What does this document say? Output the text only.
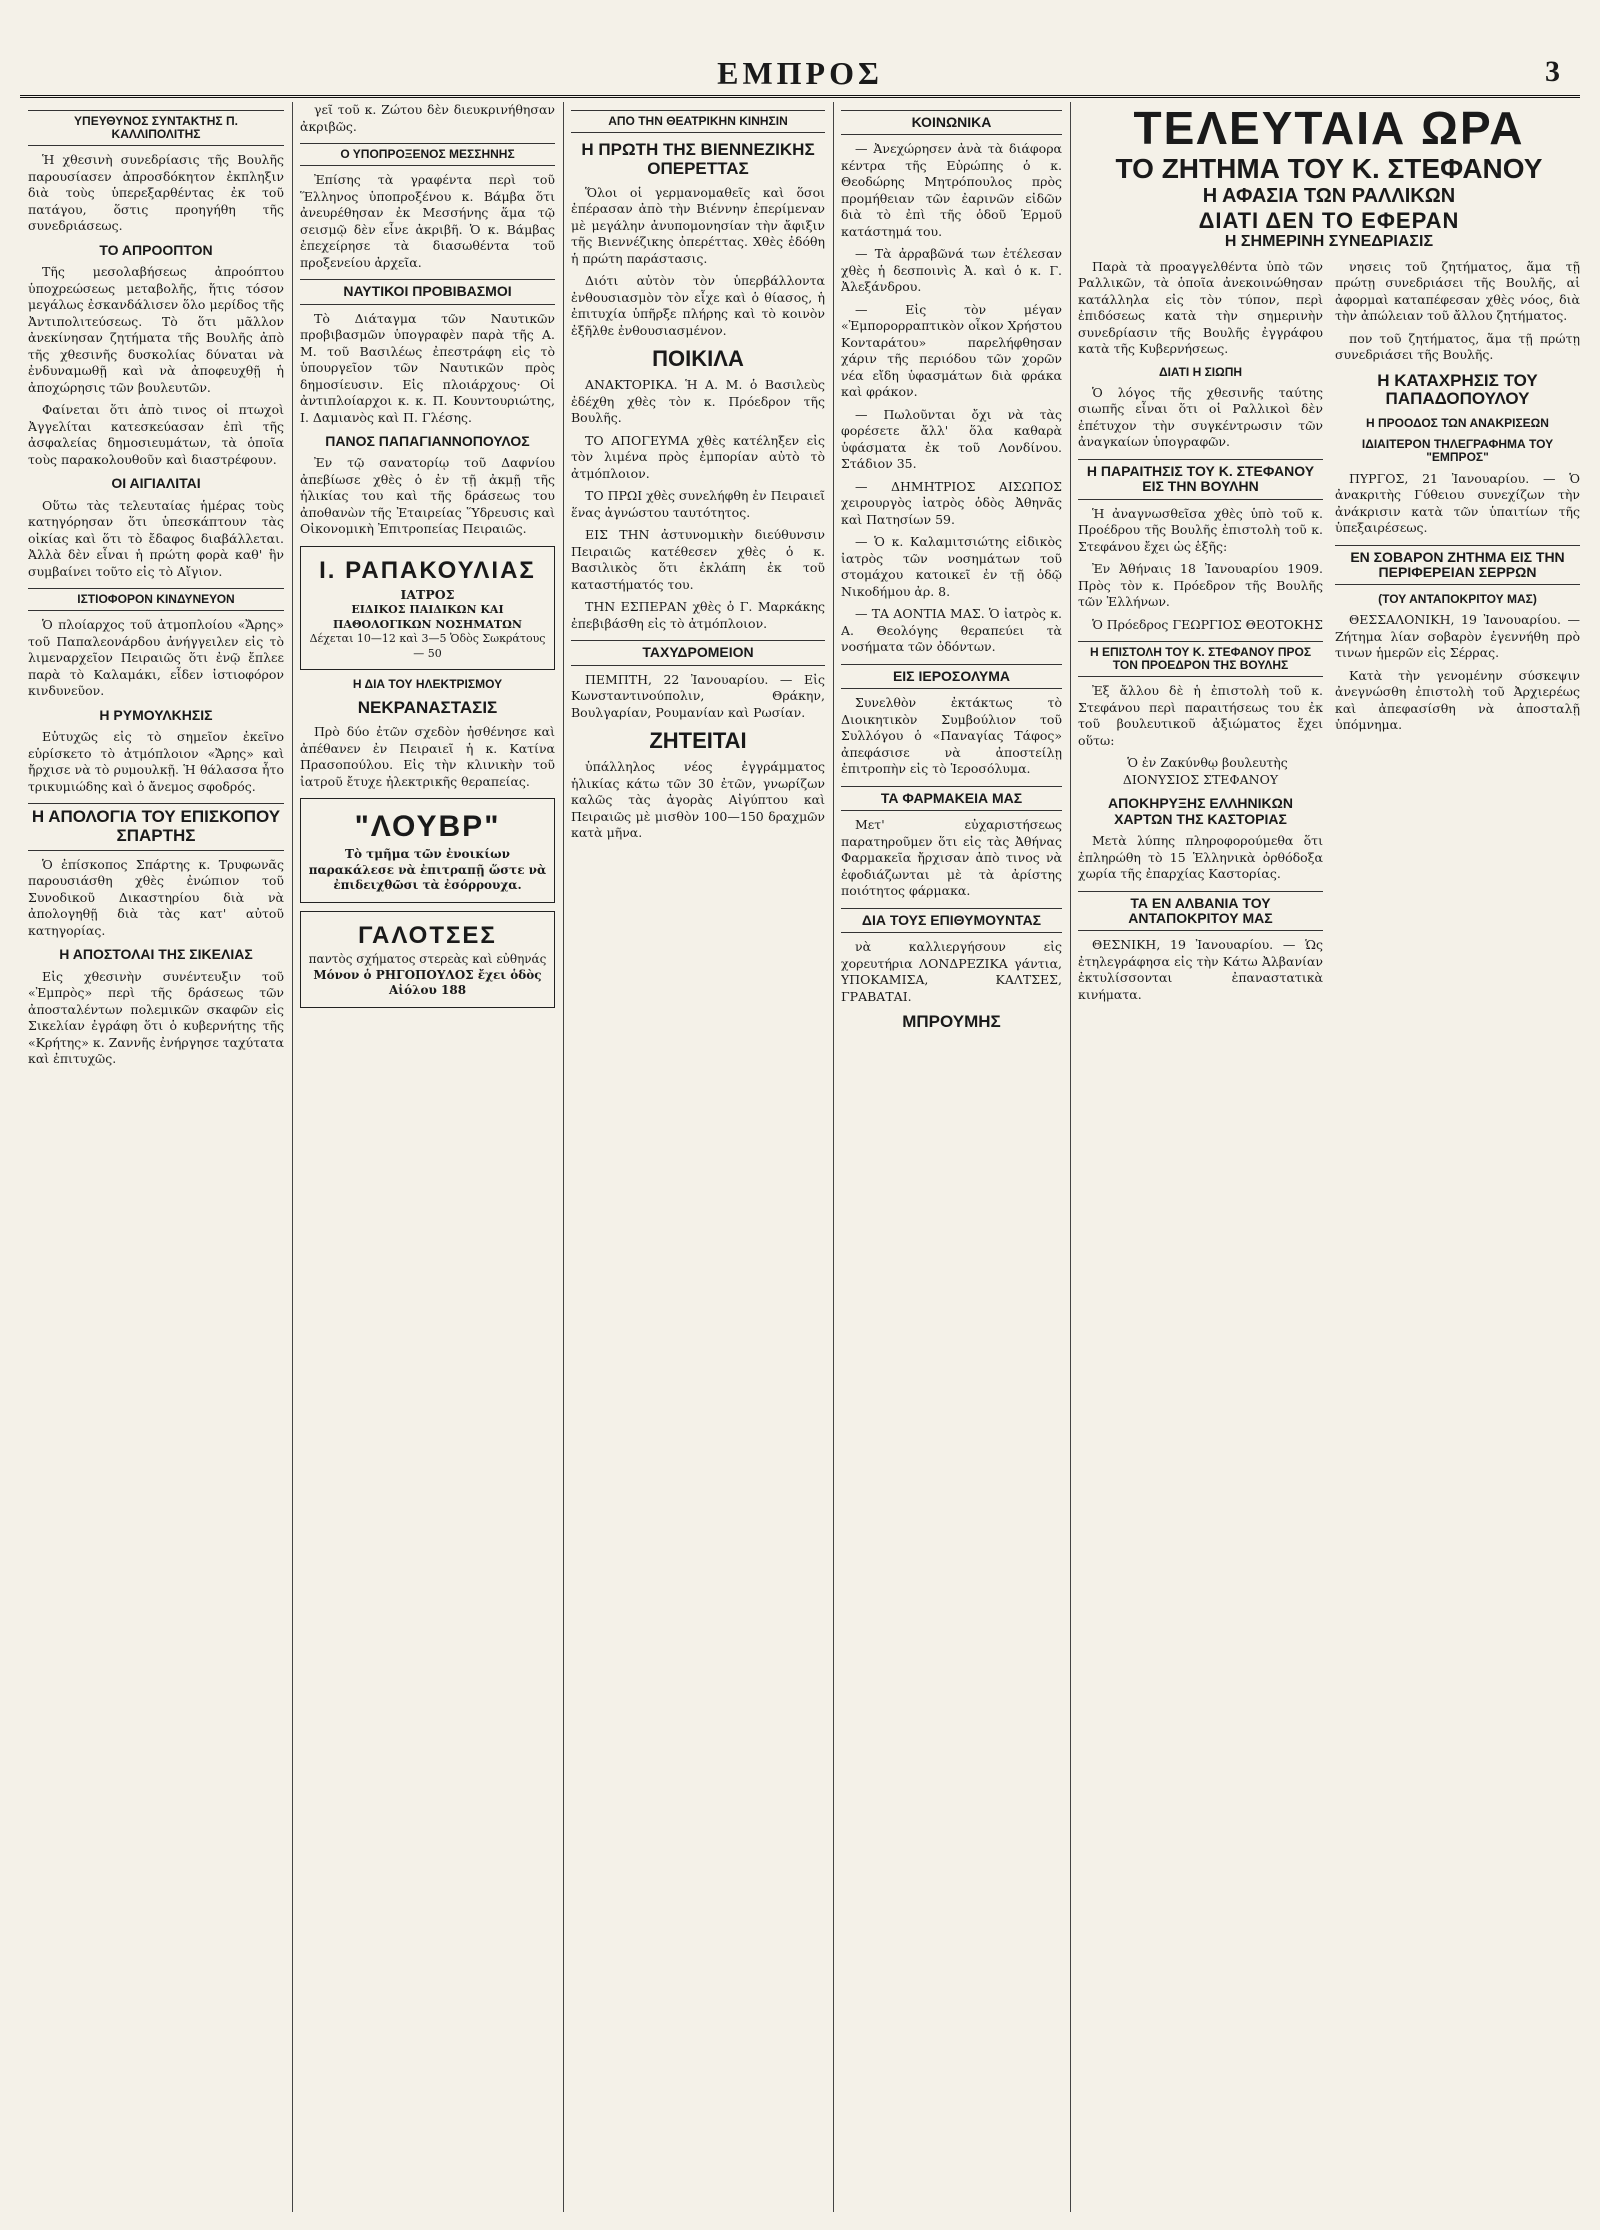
ΕΜΠΡΟΣ	3
ΥΠΕΥΘΥΝΟΣ ΣΥΝΤΑΚΤΗΣ Π. ΚΑΛΛΙΠΟΛΙΤΗΣ

Ἡ χθεσινὴ συνεδρίασις τῆς Βουλῆς παρουσίασεν ἀπροσδόκητον ἐκπληξιν διὰ τοὺς ὑπερεξαρθέντας ἐκ τοῦ πατάγου, ὅστις προηγήθη τῆς συνεδριάσεως.

ΤΟ ΑΠΡΟΟΠΤΟΝ

Τῆς μεσολαβήσεως ἀπροόπτου ὑποχρεώσεως μεταβολῆς, ἥτις τόσον μεγάλως ἐσκανδάλισεν ὅλο μερίδος τῆς Ἀντιπολιτεύσεως. Τὸ ὅτι μᾶλλον ἀνεκίνησαν ζητήματα τῆς Βουλῆς ἀπὸ τῆς χθεσινῆς δυσκολίας δύναται νὰ ἐνδυναμωθῇ καὶ νὰ ἀποφευχθῇ ἡ ἀποχώρησις τῶν βουλευτῶν.

Φαίνεται ὅτι ἀπὸ τινος οἱ πτωχοὶ Ἀγγελίται κατεσκεύασαν ἐπὶ τῆς ἀσφαλείας δημοσιευμάτων, τὰ ὁποῖα τοὺς παρακολουθοῦν καὶ διαστρέφουν.

ΟΙ ΑΙΓΙΑΛΙΤΑΙ

Οὕτω τὰς τελευταίας ἡμέρας τοὺς κατηγόρησαν ὅτι ὑπεσκάπτουν τὰς οἰκίας καὶ ὅτι τὸ ἔδαφος διαβάλλεται. Ἀλλὰ δὲν εἶναι ἡ πρώτη φορὰ καθ' ἣν συμβαίνει τοῦτο εἰς τὸ Αἴγιον.

ΙΣΤΙΟΦΟΡΟΝ ΚΙΝΔΥΝΕΥΟΝ

Ὁ πλοίαρχος τοῦ ἀτμοπλοίου «Ἄρης» τοῦ Παπαλεονάρδου ἀνήγγειλεν εἰς τὸ λιμεναρχεῖον Πειραιῶς ὅτι ἐνῷ ἔπλεε παρὰ τὸ Καλαμάκι, εἶδεν ἰστιοφόρον κινδυνεῦον.

Η ΡΥΜΟΥΛΚΗΣΙΣ

Εὐτυχῶς εἰς τὸ σημεῖον ἐκεῖνο εὑρίσκετο τὸ ἀτμόπλοιον «Ἄρης» καὶ ἤρχισε νὰ τὸ ρυμουλκῇ. Ἡ θάλασσα ἦτο τρικυμιώδης καὶ ὁ ἄνεμος σφοδρός.

Η ΑΠΟΛΟΓΙΑ ΤΟΥ ΕΠΙΣΚΟΠΟΥ ΣΠΑΡΤΗΣ

Ὁ ἐπίσκοπος Σπάρτης κ. Τρυφωνᾶς παρουσιάσθη χθὲς ἐνώπιον τοῦ Συνοδικοῦ Δικαστηρίου διὰ νὰ ἀπολογηθῇ διὰ τὰς κατ' αὐτοῦ κατηγορίας.

Η ΑΠΟΣΤΟΛΑΙ ΤΗΣ ΣΙΚΕΛΙΑΣ

Εἰς χθεσινὴν συνέντευξιν τοῦ «Ἐμπρὸς» περὶ τῆς δράσεως τῶν ἀποσταλέντων πολεμικῶν σκαφῶν εἰς Σικελίαν ἐγράφη ὅτι ὁ κυβερνήτης τῆς «Κρήτης» κ. Ζαννῆς ἐνήργησε ταχύτατα καὶ ἐπιτυχῶς.

γεῖ τοῦ κ. Ζώτου δὲν διευκρινήθησαν ἀκριβῶς.

Ο ΥΠΟΠΡΟΞΕΝΟΣ ΜΕΣΣΗΝΗΣ

Ἐπίσης τὰ γραφέντα περὶ τοῦ Ἕλληνος ὑποπροξένου κ. Βάμβα ὅτι ἀνευρέθησαν ἐκ Μεσσήνης ἅμα τῷ σεισμῷ δὲν εἶνε ἀκριβῆ. Ὁ κ. Βάμβας ἐπεχείρησε τὰ διασωθέντα τοῦ προξενείου ἀρχεῖα.

ΝΑΥΤΙΚΟΙ ΠΡΟΒΙΒΑΣΜΟΙ

Τὸ Διάταγμα τῶν Ναυτικῶν προβιβασμῶν ὑπογραφὲν παρὰ τῆς Α. Μ. τοῦ Βασιλέως ἐπεστράφη εἰς τὸ ὑπουργεῖον τῶν Ναυτικῶν πρὸς δημοσίευσιν. Εἰς πλοιάρχους· Οἱ ἀντιπλοίαρχοι κ. κ. Π. Κουντουριώτης, Ι. Δαμιανὸς καὶ Π. Γλέσης.

ΠΑΝΟΣ ΠΑΠΑΓΙΑΝΝΟΠΟΥΛΟΣ

Ἐν τῷ σανατορίῳ τοῦ Δαφνίου ἀπεβίωσε χθὲς ὁ ἐν τῇ ἀκμῇ τῆς ἡλικίας του καὶ τῆς δράσεως του ἀποθανὼν τῆς Ἐταιρείας Ὕδρευσις καὶ Οἰκονομικὴ Ἐπιτροπείας Πειραιῶς.

Ι. ΡΑΠΑΚΟΥΛΙΑΣ
ΙΑΤΡΟΣ
ΕΙΔΙΚΟΣ ΠΑΙΔΙΚΩΝ ΚΑΙ ΠΑΘΟΛΟΓΙΚΩΝ ΝΟΣΗΜΑΤΩΝ
Δέχεται 10—12 καὶ 3—5 Ὁδὸς Σωκράτους — 50
Η ΔΙΑ ΤΟΥ ΗΛΕΚΤΡΙΣΜΟΥ
ΝΕΚΡΑΝΑΣΤΑΣΙΣ

Πρὸ δύο ἐτῶν σχεδὸν ἠσθένησε καὶ ἀπέθανεν ἐν Πειραιεῖ ἡ κ. Κατίνα Πρασοπούλου. Εἰς τὴν κλινικὴν τοῦ ἰατροῦ ἔτυχε ἠλεκτρικῆς θεραπείας.

"ΛΟΥΒΡ"
Τὸ τμῆμα τῶν ἐνοικίων παρακάλεσε νὰ ἐπιτραπῇ ὥστε νὰ ἐπιδειχθῶσι τὰ ἐσόρρουχα.
ΓΑΛΟΤΣΕΣ
παντὸς σχήματος στερεὰς καὶ εὐθηνάς
Μόνον ὁ ΡΗΓΟΠΟΥΛΟΣ ἔχει ὁδὸς Αἰόλου 188
ΑΠΟ ΤΗΝ ΘΕΑΤΡΙΚΗΝ ΚΙΝΗΣΙΝ
Η ΠΡΩΤΗ ΤΗΣ ΒΙΕΝΝΕΖΙΚΗΣ ΟΠΕΡΕΤΤΑΣ

Ὅλοι οἱ γερμανομαθεῖς καὶ ὅσοι ἐπέρασαν ἀπὸ τὴν Βιέννην ἐπερίμεναν μὲ μεγάλην ἀνυπομονησίαν τὴν ἄφιξιν τῆς Βιεννέζικης ὀπερέττας. Χθὲς ἐδόθη ἡ πρώτη παράστασις.

Διότι αὐτὸν τὸν ὑπερβάλλοντα ἐνθουσιασμὸν τὸν εἶχε καὶ ὁ θίασος, ἡ ἐπιτυχία ὑπῆρξε πλήρης καὶ τὸ κοινὸν ἐξῆλθε ἐνθουσιασμένον.

ΠΟΙΚΙΛΑ

ΑΝΑΚΤΟΡΙΚΑ. Ἡ Α. Μ. ὁ Βασιλεὺς ἐδέχθη χθὲς τὸν κ. Πρόεδρον τῆς Βουλῆς.

ΤΟ ΑΠΟΓΕΥΜΑ χθὲς κατέληξεν εἰς τὸν λιμένα πρὸς ἐμπορίαν αὐτὸ τὸ ἀτμόπλοιον.

ΤΟ ΠΡΩΙ χθὲς συνελήφθη ἐν Πειραιεῖ ἕνας ἀγνώστου ταυτότητος.

ΕΙΣ ΤΗΝ ἀστυνομικὴν διεύθυνσιν Πειραιῶς κατέθεσεν χθὲς ὁ κ. Βασιλικὸς ὅτι ἐκλάπη ἐκ τοῦ καταστήματός του.

ΤΗΝ ΕΣΠΕΡΑΝ χθὲς ὁ Γ. Μαρκάκης ἐπεβιβάσθη εἰς τὸ ἀτμόπλοιον.

ΤΑΧΥΔΡΟΜΕΙΟΝ

ΠΕΜΠΤΗ, 22 Ἰανουαρίου. — Εἰς Κωνσταντινούπολιν, Θράκην, Βουλγαρίαν, Ρουμανίαν καὶ Ρωσίαν.

ΖΗΤΕΙΤΑΙ

ὑπάλληλος νέος ἐγγράμματος ἡλικίας κάτω τῶν 30 ἐτῶν, γνωρίζων καλῶς τὰς ἀγορὰς Αἰγύπτου καὶ Πειραιῶς μὲ μισθὸν 100—150 δραχμῶν κατὰ μῆνα.

ΚΟΙΝΩΝΙΚΑ

— Ἀνεχώρησεν ἀνὰ τὰ διάφορα κέντρα τῆς Εὐρώπης ὁ κ. Θεοδώρης Μητρόπουλος πρὸς προμήθειαν τῶν ἐαρινῶν εἰδῶν διὰ τὸ ἐπὶ τῆς ὁδοῦ Ἑρμοῦ κατάστημά του.

— Τὰ ἀρραβῶνά των ἐτέλεσαν χθὲς ἡ δεσποινὶς Ἀ. καὶ ὁ κ. Γ. Ἀλεξάνδρου.

— Εἰς τὸν μέγαν «Ἐμπορορραπτικὸν οἶκον Χρήστου Κονταράτου» παρελήφθησαν χάριν τῆς περιόδου τῶν χορῶν νέα εἴδη ὑφασμάτων διὰ φράκα καὶ φράκον.

— Πωλοῦνται ὄχι νὰ τὰς φορέσετε ἄλλ' ὅλα καθαρὰ ὑφάσματα ἐκ τοῦ Λονδίνου. Στάδιον 35.

— ΔΗΜΗΤΡΙΟΣ ΑΙΣΩΠΟΣ χειρουργὸς ἰατρὸς ὁδὸς Ἀθηνᾶς καὶ Πατησίων 59.

— Ὁ κ. Καλαμιτσιώτης εἰδικὸς ἰατρὸς τῶν νοσημάτων τοῦ στομάχου κατοικεῖ ἐν τῇ ὁδῷ Νικοδήμου ἀρ. 8.

— ΤΑ ΑΟΝΤΙΑ ΜΑΣ. Ὁ ἰατρὸς κ. Α. Θεολόγης θεραπεύει τὰ νοσήματα τῶν ὀδόντων.

ΕΙΣ ΙΕΡΟΣΟΛΥΜΑ

Συνελθὸν ἐκτάκτως τὸ Διοικητικὸν Συμβούλιον τοῦ Συλλόγου ὁ «Παναγίας Τάφος» ἀπεφάσισε νὰ ἀποστείλῃ ἐπιτροπὴν εἰς τὸ Ἱεροσόλυμα.

ΤΑ ΦΑΡΜΑΚΕΙΑ ΜΑΣ

Μετ' εὐχαριστήσεως παρατηροῦμεν ὅτι εἰς τὰς Ἀθήνας Φαρμακεῖα ἤρχισαν ἀπὸ τινος νὰ ἐφοδιάζωνται μὲ τὰ ἀρίστης ποιότητος φάρμακα.

ΔΙΑ ΤΟΥΣ ΕΠΙΘΥΜΟΥΝΤΑΣ

νὰ καλλιεργήσουν εἰς χορευτήρια ΛΟΝΔΡΕΖΙΚΑ γάντια, ΥΠΟΚΑΜΙΣΑ, ΚΑΛΤΣΕΣ, ΓΡΑΒΑΤΑΙ.

ΜΠΡΟΥΜΗΣ
ΤΕΛΕΥΤΑΙΑ ΩΡΑ
ΤΟ ΖΗΤΗΜΑ ΤΟΥ Κ. ΣΤΕΦΑΝΟΥ
Η ΑΦΑΣΙΑ ΤΩΝ ΡΑΛΛΙΚΩΝ
ΔΙΑΤΙ ΔΕΝ ΤΟ ΕΦΕΡΑΝ
Η ΣΗΜΕΡΙΝΗ ΣΥΝΕΔΡΙΑΣΙΣ

Παρὰ τὰ προαγγελθέντα ὑπὸ τῶν Ραλλικῶν, τὰ ὁποῖα ἀνεκοινώθησαν κατάλληλα εἰς τὸν τύπον, περὶ ἐπιδόσεως κατὰ τὴν σημερινὴν συνεδρίασιν τῆς Βουλῆς ἐγγράφου κατὰ τῆς Κυβερνήσεως.

ΔΙΑΤΙ Η ΣΙΩΠΗ

Ὁ λόγος τῆς χθεσινῆς ταύτης σιωπῆς εἶναι ὅτι οἱ Ραλλικοὶ δὲν ἐπέτυχον τὴν συγκέντρωσιν τῶν ἀναγκαίων ὑπογραφῶν.

Η ΠΑΡΑΙΤΗΣΙΣ ΤΟΥ Κ. ΣΤΕΦΑΝΟΥ ΕΙΣ ΤΗΝ ΒΟΥΛΗΝ

Ἡ ἀναγνωσθεῖσα χθὲς ὑπὸ τοῦ κ. Προέδρου τῆς Βουλῆς ἐπιστολὴ τοῦ κ. Στεφάνου ἔχει ὡς ἑξῆς:

Ἐν Ἀθήναις 18 Ἰανουαρίου 1909. Πρὸς τὸν κ. Πρόεδρον τῆς Βουλῆς τῶν Ἑλλήνων.

Ὁ Πρόεδρος ΓΕΩΡΓΙΟΣ ΘΕΟΤΟΚΗΣ

Η ΕΠΙΣΤΟΛΗ ΤΟΥ Κ. ΣΤΕΦΑΝΟΥ ΠΡΟΣ ΤΟΝ ΠΡΟΕΔΡΟΝ ΤΗΣ ΒΟΥΛΗΣ

Ἐξ ἄλλου δὲ ἡ ἐπιστολὴ τοῦ κ. Στεφάνου περὶ παραιτήσεως του ἐκ τοῦ βουλευτικοῦ ἀξιώματος ἔχει οὕτω:

Ὁ ἐν Ζακύνθῳ βουλευτὴς ΔΙΟΝΥΣΙΟΣ ΣΤΕΦΑΝΟΥ

ΑΠΟΚΗΡΥΞΗΣ ΕΛΛΗΝΙΚΩΝ ΧΑΡΤΩΝ ΤΗΣ ΚΑΣΤΟΡΙΑΣ

Μετὰ λύπης πληροφορούμεθα ὅτι ἐπληρώθη τὸ 15 Ἑλληνικὰ ὀρθόδοξα χωρία τῆς ἐπαρχίας Καστορίας.

ΤΑ ΕΝ ΑΛΒΑΝΙΑ ΤΟΥ ΑΝΤΑΠΟΚΡΙΤΟΥ ΜΑΣ

ΘΕΣΝΙΚΗ, 19 Ἰανουαρίου. — Ὡς ἐτηλεγράφησα εἰς τὴν Κάτω Ἀλβανίαν ἐκτυλίσσονται ἐπαναστατικὰ κινήματα.

νησεις τοῦ ζητήματος, ἅμα τῇ πρώτῃ συνεδριάσει τῆς Βουλῆς, αἱ ἀφορμαὶ καταπέφεσαν χθὲς νόος, διὰ τὴν ἀπώλειαν τοῦ ἄλλου ζητήματος.

πον τοῦ ζητήματος, ἅμα τῇ πρώτῃ συνεδριάσει τῆς Βουλῆς.

Η ΚΑΤΑΧΡΗΣΙΣ ΤΟΥ ΠΑΠΑΔΟΠΟΥΛΟΥ
Η ΠΡΟΟΔΟΣ ΤΩΝ ΑΝΑΚΡΙΣΕΩΝ
ΙΔΙΑΙΤΕΡΟΝ ΤΗΛΕΓΡΑΦΗΜΑ ΤΟΥ "ΕΜΠΡΟΣ"

ΠΥΡΓΟΣ, 21 Ἰανουαρίου. — Ὁ ἀνακριτὴς Γύθειου συνεχίζων τὴν ἀνάκρισιν κατὰ τῶν ὑπαιτίων τῆς ὑπεξαιρέσεως.

ΕΝ ΣΟΒΑΡΟΝ ΖΗΤΗΜΑ ΕΙΣ ΤΗΝ ΠΕΡΙΦΕΡΕΙΑΝ ΣΕΡΡΩΝ
(ΤΟΥ ΑΝΤΑΠΟΚΡΙΤΟΥ ΜΑΣ)

ΘΕΣΣΑΛΟΝΙΚΗ, 19 Ἰανουαρίου. — Ζήτημα λίαν σοβαρὸν ἐγεννήθη πρὸ τινων ἡμερῶν εἰς Σέρρας.

Κατὰ τὴν γενομένην σύσκεψιν ἀνεγνώσθη ἐπιστολὴ τοῦ Ἀρχιερέως καὶ ἀπεφασίσθη νὰ ἀποσταλῇ ὑπόμνημα.
